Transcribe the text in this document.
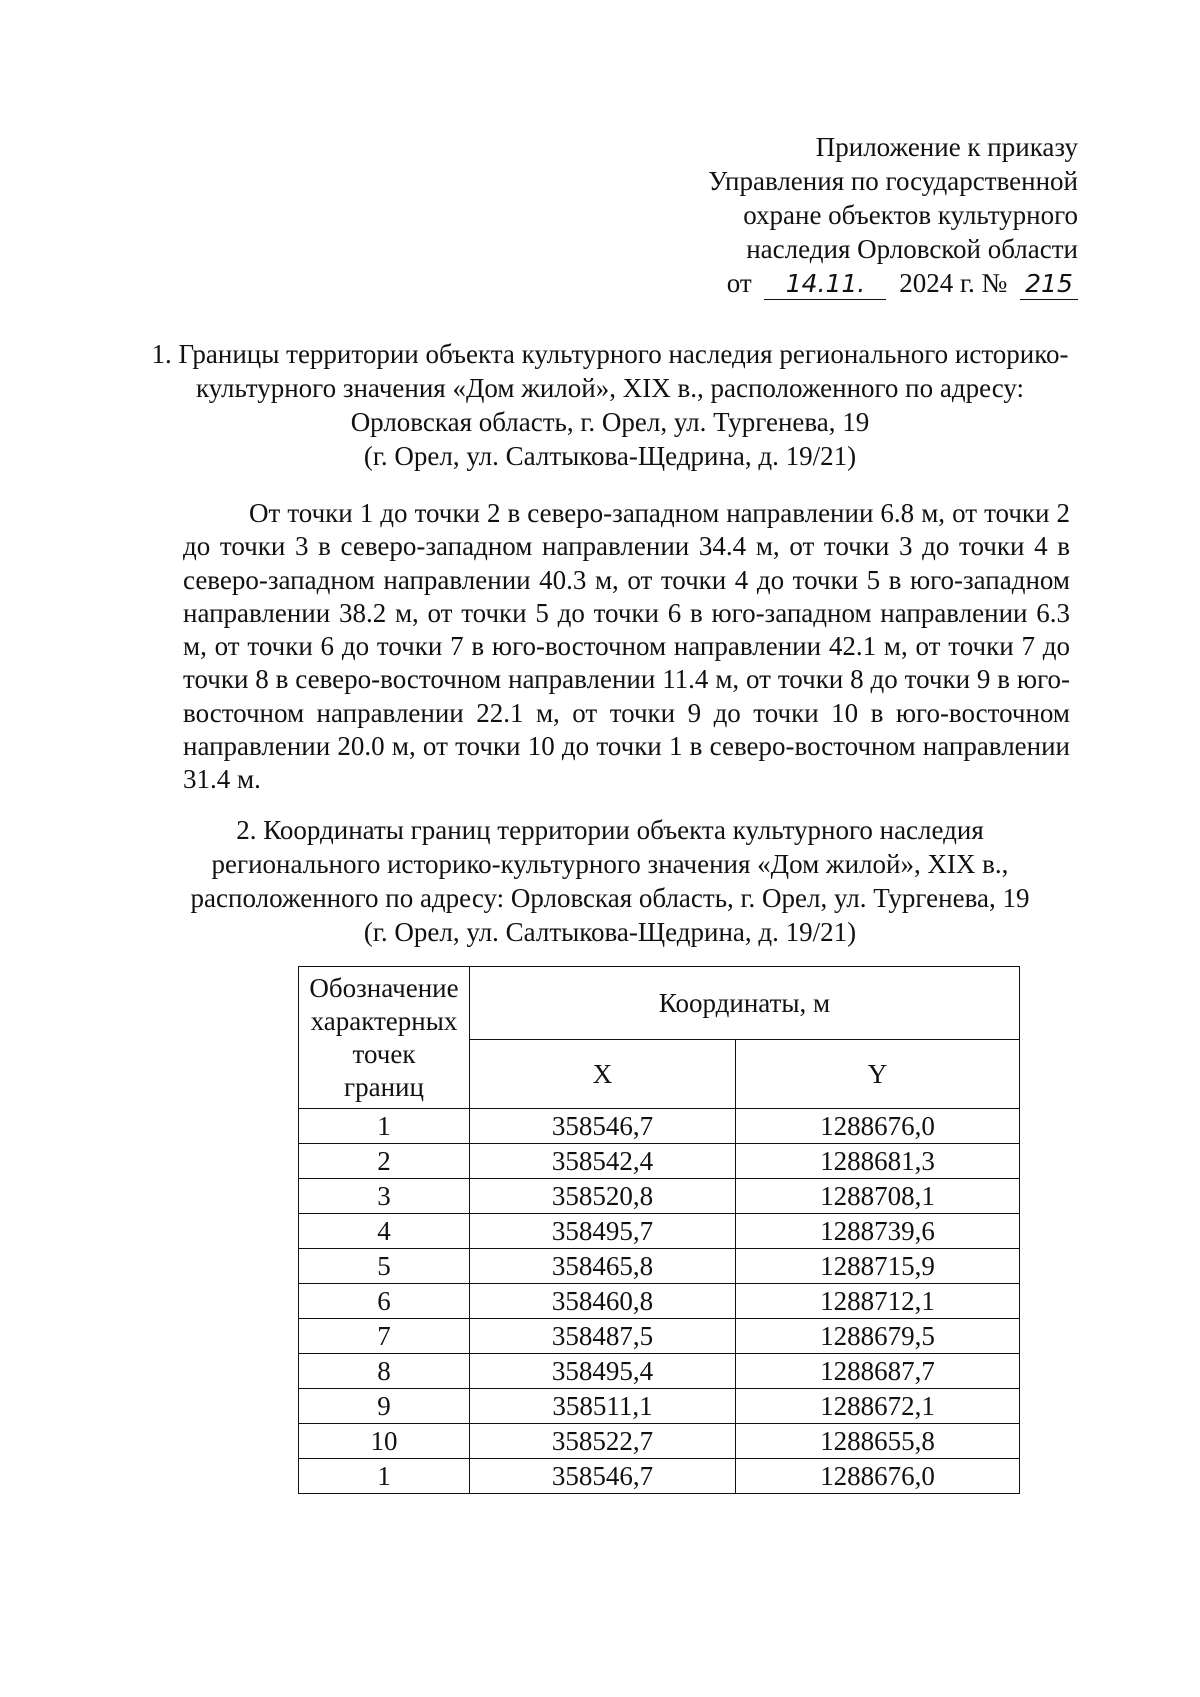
Приложение к приказу
Управления по государственной
охране объектов культурного
наследия Орловской области
от 14.11. 2024 г. № 215
1. Границы территории объекта культурного наследия регионального историко-
культурного значения «Дом жилой», XIX в., расположенного по адресу:
Орловская область, г. Орел, ул. Тургенева, 19
(г. Орел, ул. Салтыкова-Щедрина, д. 19/21)

От точки 1 до точки 2 в северо-западном направлении 6.8 м, от точки 2 до точки 3 в северо-западном направлении 34.4 м, от точки 3 до точки 4 в северо-западном направлении 40.3 м, от точки 4 до точки 5 в юго-западном направлении 38.2 м, от точки 5 до точки 6 в юго-западном направлении 6.3 м, от точки 6 до точки 7 в юго-восточном направлении 42.1 м, от точки 7 до точки 8 в северо-восточном направлении 11.4 м, от точки 8 до точки 9 в юго-восточном направлении 22.1 м, от точки 9 до точки 10 в юго-восточном направлении 20.0 м, от точки 10 до точки 1 в северо-восточном направлении 31.4 м.

2. Координаты границ территории объекта культурного наследия
регионального историко-культурного значения «Дом жилой», XIX в.,
расположенного по адресу: Орловская область, г. Орел, ул. Тургенева, 19
(г. Орел, ул. Салтыкова-Щедрина, д. 19/21)
Обозначение
характерных
точек
границ	Координаты, м	
	X	Y
1	358546,7	1288676,0
2	358542,4	1288681,3
3	358520,8	1288708,1
4	358495,7	1288739,6
5	358465,8	1288715,9
6	358460,8	1288712,1
7	358487,5	1288679,5
8	358495,4	1288687,7
9	358511,1	1288672,1
10	358522,7	1288655,8
1	358546,7	1288676,0
